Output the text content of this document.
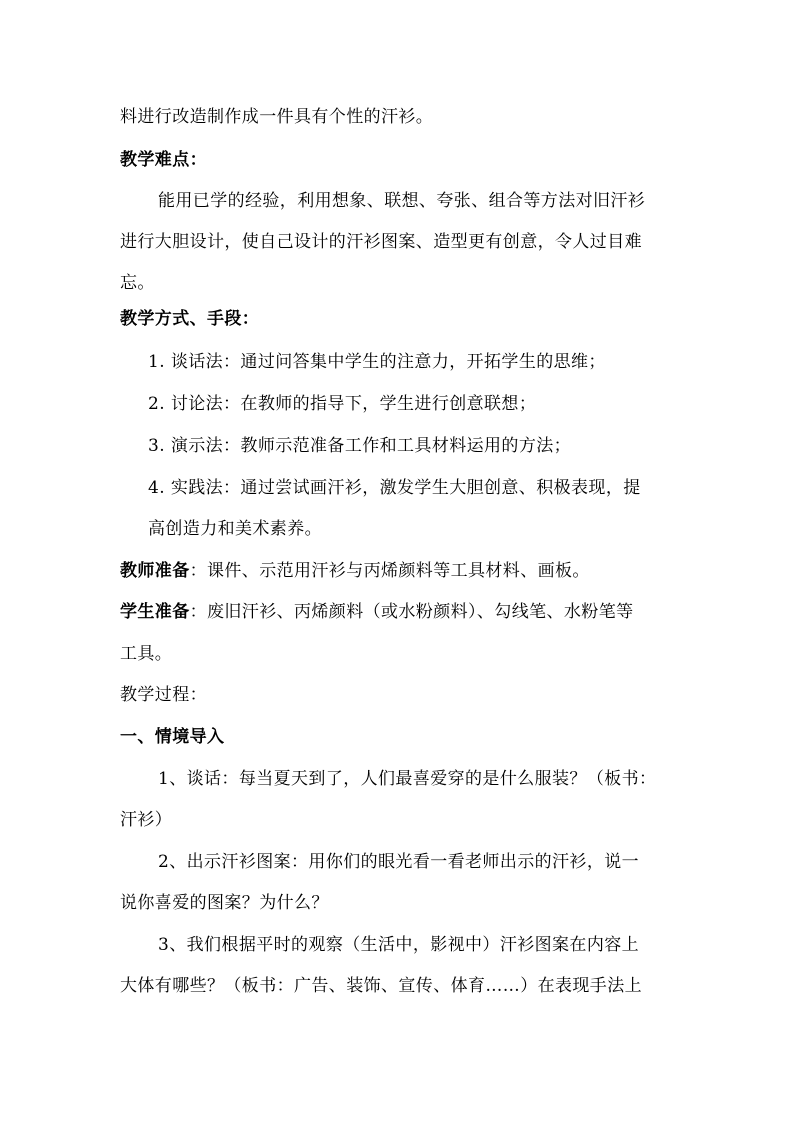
料进行改造制作成一件具有个性的汗衫。
教学难点：
能用已学的经验，利用想象、联想、夸张、组合等方法对旧汗衫
进行大胆设计，使自己设计的汗衫图案、造型更有创意，令人过目难
忘。
教学方式、手段：
1. 谈话法：通过问答集中学生的注意力，开拓学生的思维；
2. 讨论法：在教师的指导下，学生进行创意联想；
3. 演示法：教师示范准备工作和工具材料运用的方法；
4. 实践法：通过尝试画汗衫，激发学生大胆创意、积极表现，提
高创造力和美术素养。
教师准备：课件、示范用汗衫与丙烯颜料等工具材料、画板。
学生准备：废旧汗衫、丙烯颜料（或水粉颜料）、勾线笔、水粉笔等
工具。
教学过程：
一、情境导入
1、谈话：每当夏天到了，人们最喜爱穿的是什么服装？（板书：
汗衫）
2、出示汗衫图案：用你们的眼光看一看老师出示的汗衫，说一
说你喜爱的图案？为什么？
3、我们根据平时的观察（生活中，影视中）汗衫图案在内容上
大体有哪些？（板书：广告、装饰、宣传、体育……）在表现手法上
